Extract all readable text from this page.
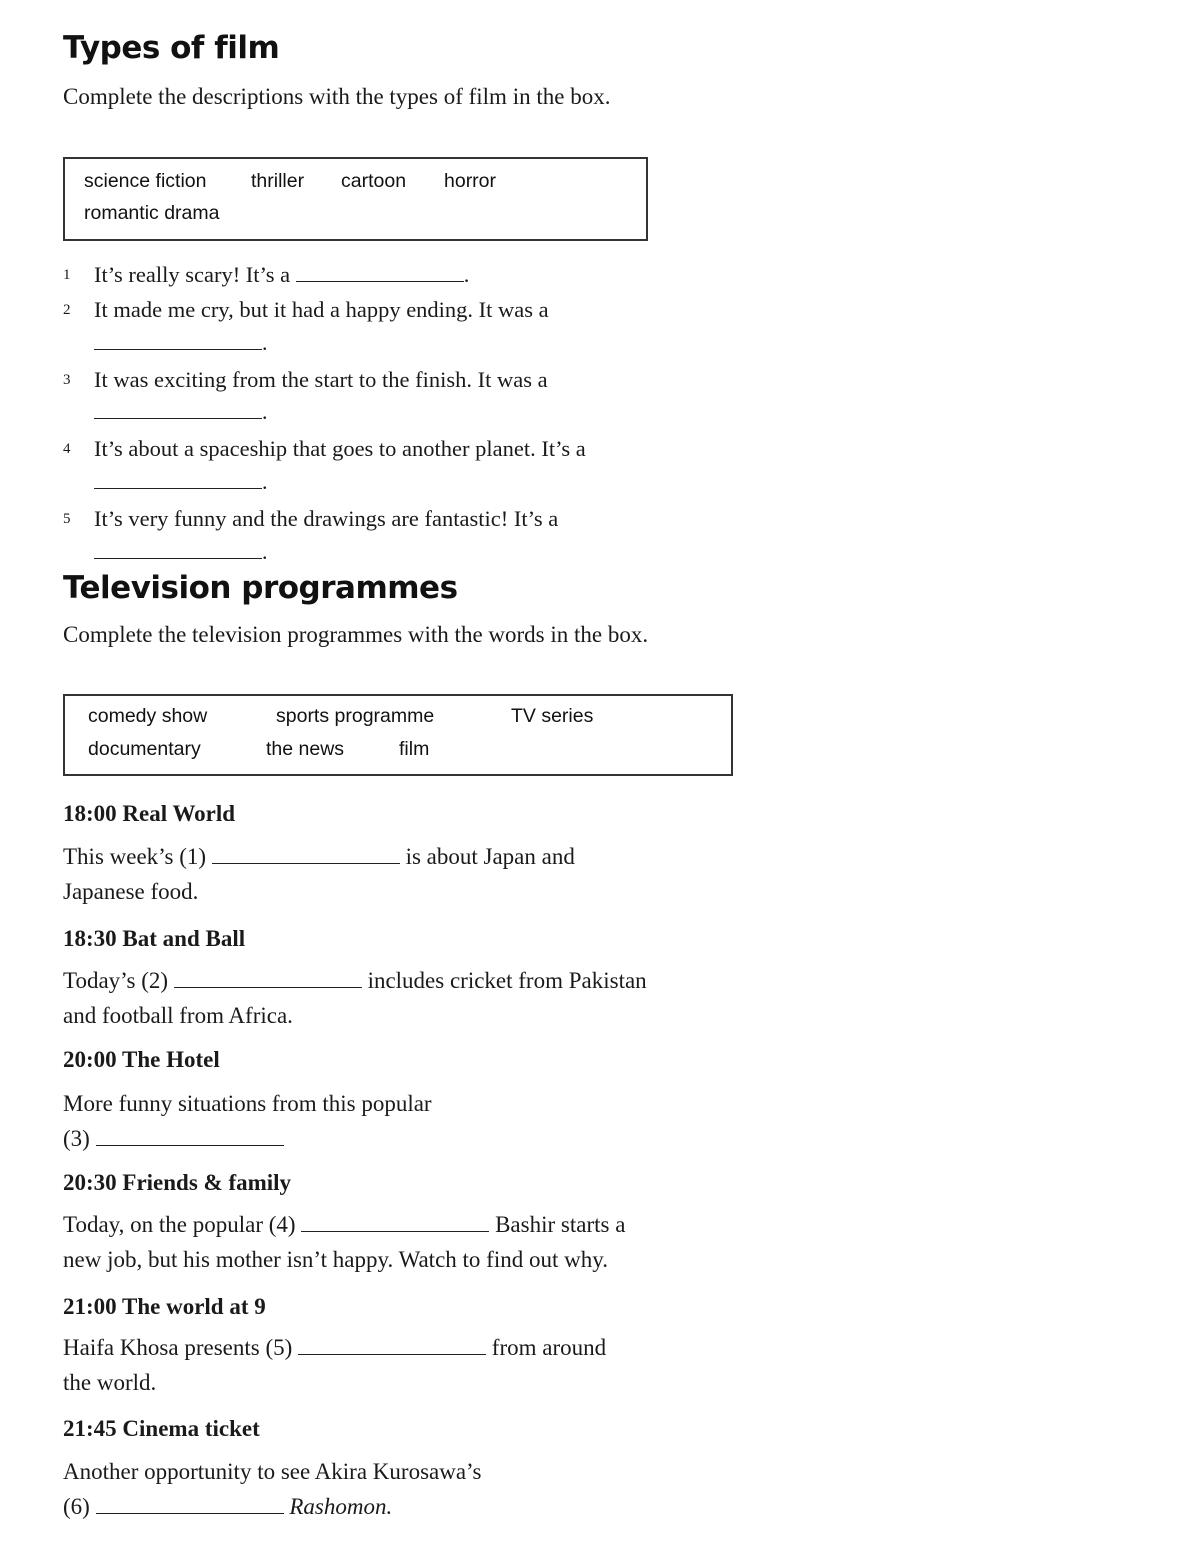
Types of film
Complete the descriptions with the types of film in the box.
science fiction thriller cartoon horror
romantic drama
1 It’s really scary! It’s a	.
2 It made me cry, but it had a happy ending. It was a
.
3 It was exciting from the start to the finish. It was a
.
4 It’s about a spaceship that goes to another planet. It’s a
.
5 It’s very funny and the drawings are fantastic! It’s a
.
Television programmes
Complete the television programmes with the words in the box.
comedy show	sports programme	TV series
documentary	the news	film
18:00 Real World
This week’s (1)	is about Japan and
Japanese food.
18:30 Bat and Ball
Today’s (2)	includes cricket from Pakistan
and football from Africa.
20:00 The Hotel
More funny situations from this popular
(3)
20:30 Friends & family
Today, on the popular (4)	Bashir starts a
new job, but his mother isn’t happy. Watch to find out why.
21:00 The world at 9
Haifa Khosa presents (5)	from around
the world.
21:45 Cinema ticket
Another opportunity to see Akira Kurosawa’s
(6)	Rashomon.
